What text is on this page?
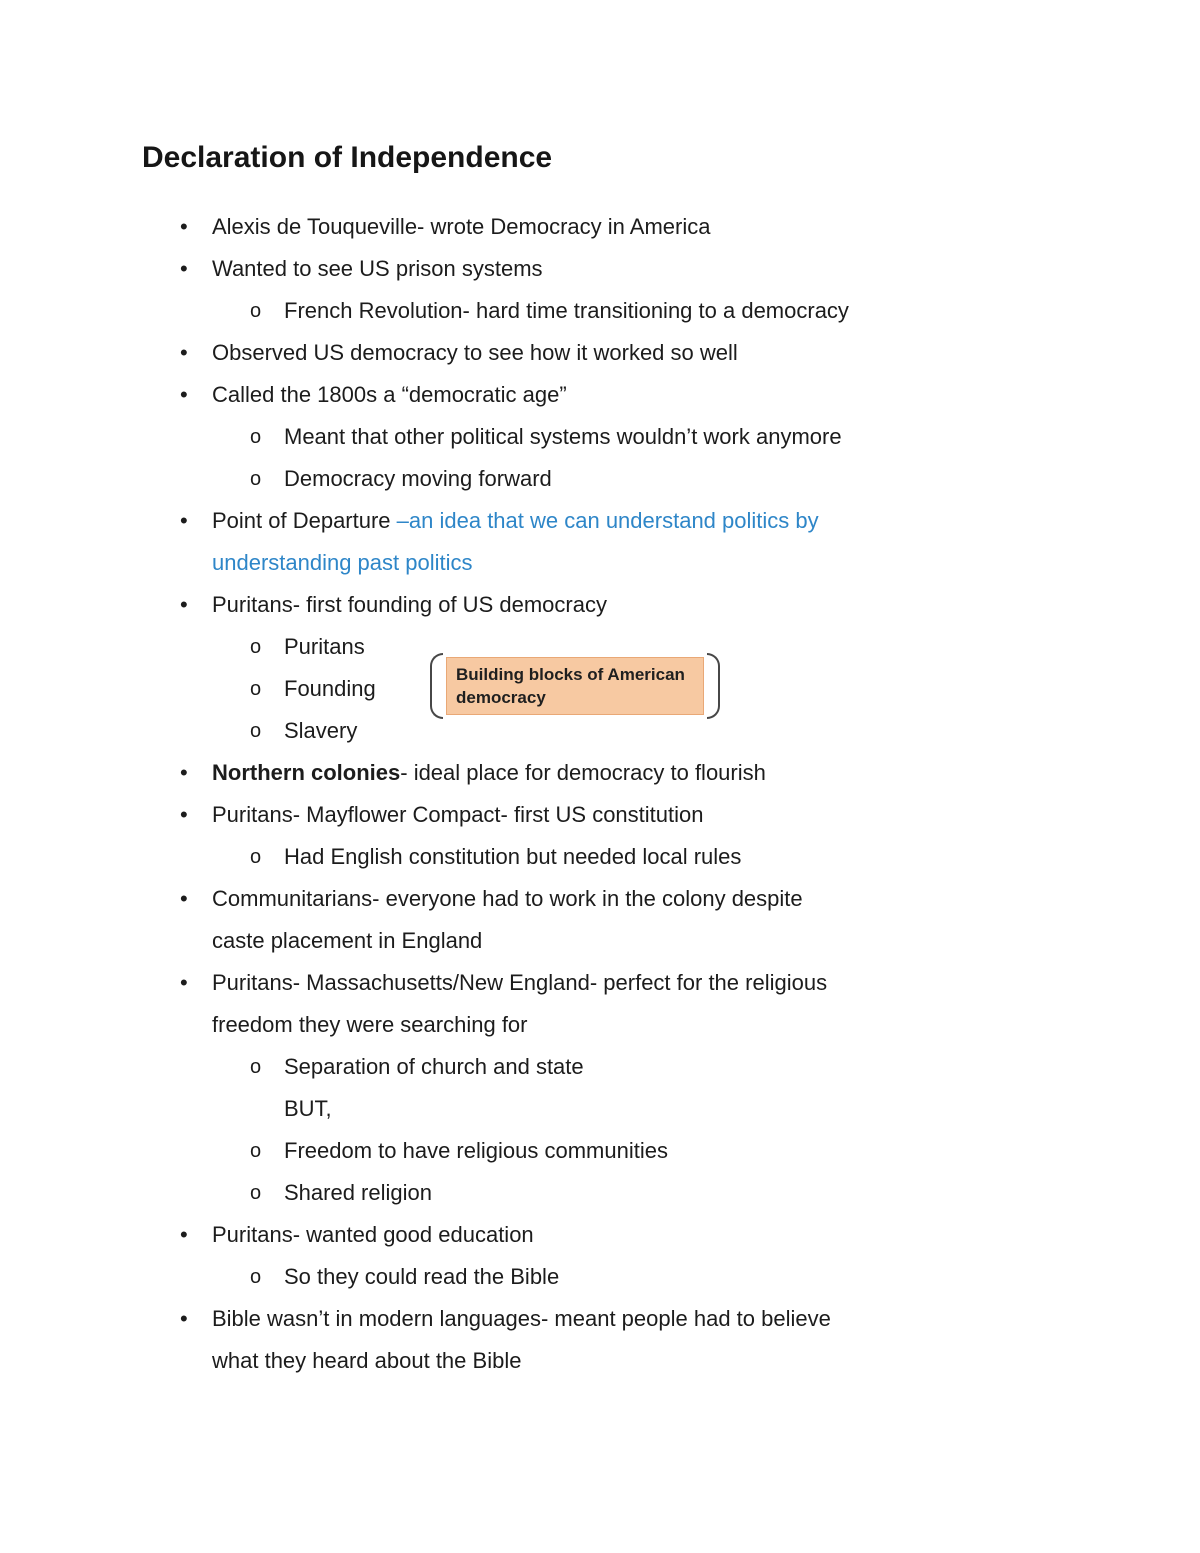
Declaration of Independence
•	Alexis de Touqueville- wrote Democracy in America
•	Wanted to see US prison systems
o	French Revolution- hard time transitioning to a democracy
•	Observed US democracy to see how it worked so well
•	Called the 1800s a “democratic age”
o	Meant that other political systems wouldn’t work anymore
o	Democracy moving forward
•	Point of Departure –an idea that we can understand politics by
understanding past politics
•	Puritans- first founding of US democracy
o	Puritans
o	Founding
Building blocks of American democracy
o	Slavery
•	Northern colonies- ideal place for democracy to flourish
•	Puritans- Mayflower Compact- first US constitution
o	Had English constitution but needed local rules
•	Communitarians- everyone had to work in the colony despite
caste placement in England
•	Puritans- Massachusetts/New England- perfect for the religious
freedom they were searching for
o	Separation of church and state
BUT,
o	Freedom to have religious communities
o	Shared religion
•	Puritans- wanted good education
o	So they could read the Bible
•	Bible wasn’t in modern languages- meant people had to believe
what they heard about the Bible
